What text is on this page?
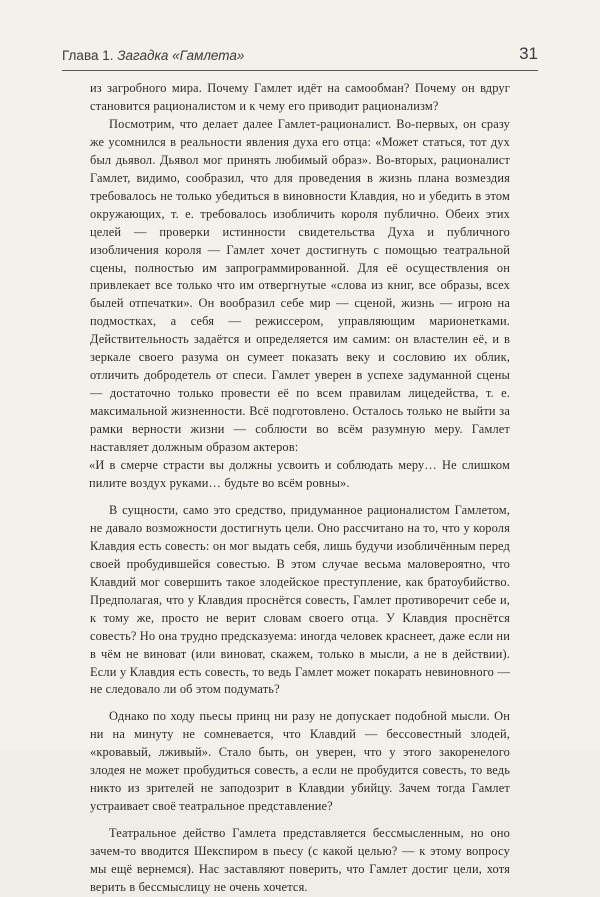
Глава 1. Загадка «Гамлета»	31

из загробного мира. Почему Гамлет идёт на самообман? Почему он вдруг становится рационалистом и к чему его приводит рационализм?

Посмотрим, что делает далее Гамлет-рационалист. Во-первых, он сразу же усомнился в реальности явления духа его отца: «Может статься, тот дух был дьявол. Дьявол мог принять любимый образ». Во-вторых, рационалист Гамлет, видимо, сообразил, что для проведения в жизнь плана возмездия требовалось не только убедиться в виновности Клавдия, но и убедить в этом окружающих, т. е. требовалось изобличить короля публично. Обеих этих целей — проверки истинности свидетельства Духа и публичного изобличения короля — Гамлет хочет достигнуть с помощью театральной сцены, полностью им запрограммированной. Для её осуществления он привлекает все только что им отвергнутые «слова из книг, все образы, всех былей отпечатки». Он вообразил себе мир — сценой, жизнь — игрою на подмостках, а себя — режиссером, управляющим марионетками. Действительность задаётся и определяется им самим: он властелин её, и в зеркале своего разума он сумеет показать веку и сословию их облик, отличить добродетель от спеси. Гамлет уверен в успехе задуманной сцены — достаточно только провести её по всем правилам лицедейства, т. е. максимальной жизненности. Всё подготовлено. Осталось только не выйти за рамки верности жизни — соблюсти во всём разумную меру. Гамлет наставляет должным образом актеров:

«И в смерче страсти вы должны усвоить и соблюдать меру… Не слишком пилите воздух руками… будьте во всём ровны».

В сущности, само это средство, придуманное рационалистом Гамлетом, не давало возможности достигнуть цели. Оно рассчитано на то, что у короля Клавдия есть совесть: он мог выдать себя, лишь будучи изобличённым перед своей пробудившейся совестью. В этом случае весьма маловероятно, что Клавдий мог совершить такое злодейское преступление, как братоубийство. Предполагая, что у Клавдия проснётся совесть, Гамлет противоречит себе и, к тому же, просто не верит словам своего отца. У Клавдия проснётся совесть? Но она трудно предсказуема: иногда человек краснеет, даже если ни в чём не виноват (или виноват, скажем, только в мысли, а не в действии). Если у Клавдия есть совесть, то ведь Гамлет может покарать невиновного — не следовало ли об этом подумать?

Однако по ходу пьесы принц ни разу не допускает подобной мысли. Он ни на минуту не сомневается, что Клавдий — бессовестный злодей, «кровавый, лживый». Стало быть, он уверен, что у этого закоренелого злодея не может пробудиться совесть, а если не пробудится совесть, то ведь никто из зрителей не заподозрит в Клавдии убийцу. Зачем тогда Гамлет устраивает своё театральное представление?

Театральное действо Гамлета представляется бессмысленным, но оно зачем-то вводится Шекспиром в пьесу (с какой целью? — к этому вопросу мы ещё вернемся). Нас заставляют поверить, что Гамлет достиг цели, хотя верить в бессмыслицу не очень хочется.
